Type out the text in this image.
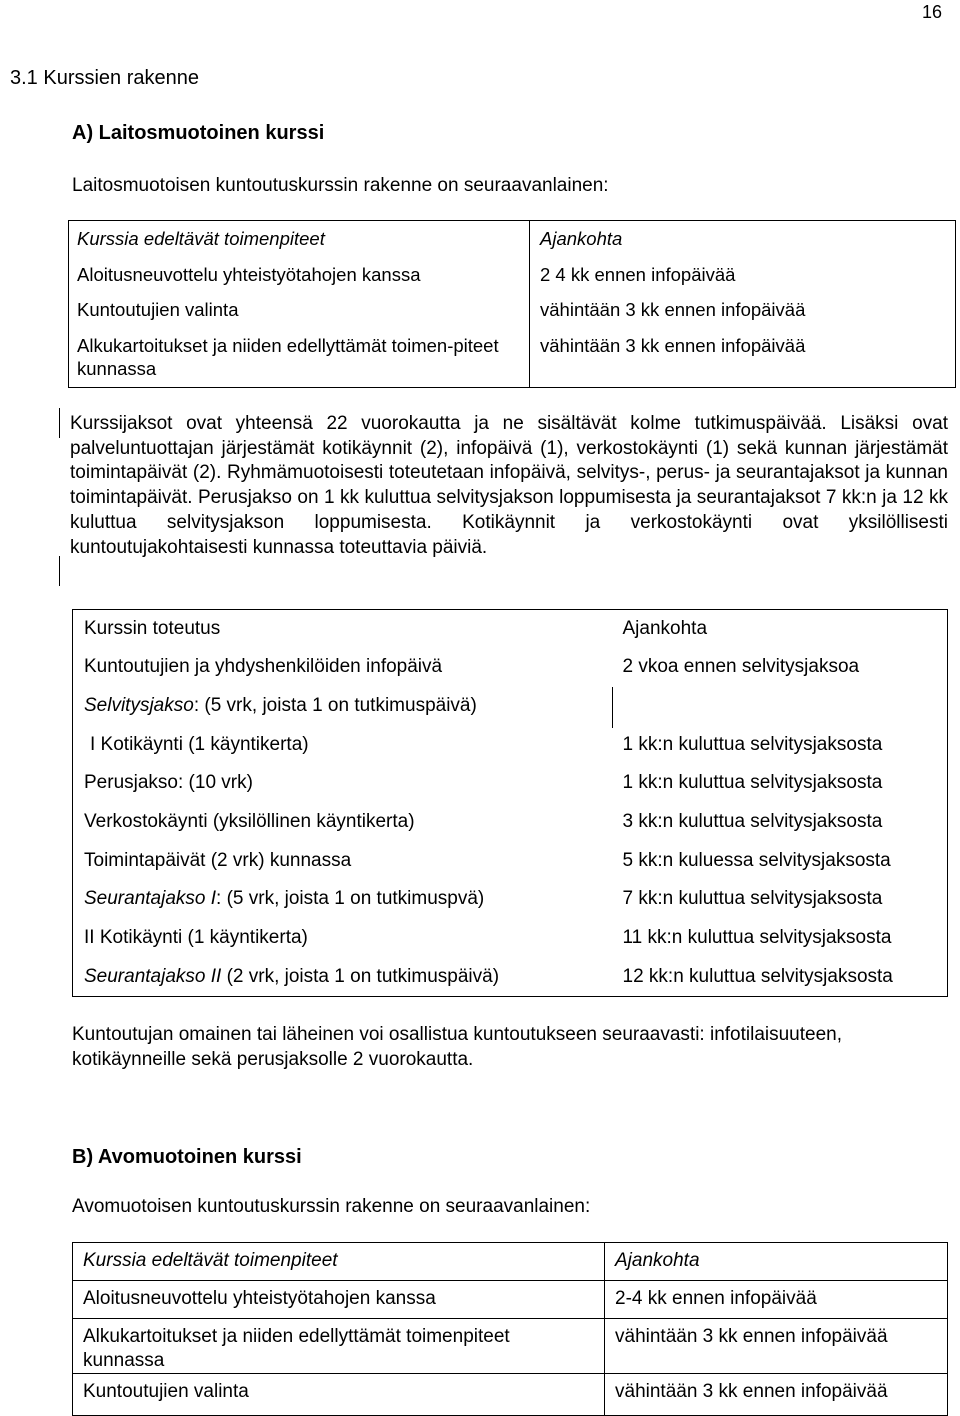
16
3.1 Kurssien rakenne
A) Laitosmuotoinen kurssi
Laitosmuotoisen kuntoutuskurssin rakenne on seuraavanlainen:
Kurssia edeltävät toimenpiteet	Ajankohta
Aloitusneuvottelu yhteistyötahojen kanssa	2 4 kk ennen infopäivää
Kuntoutujien valinta	vähintään 3 kk ennen infopäivää
Alkukartoitukset ja niiden edellyttämät toimen-piteet kunnassa	vähintään 3 kk ennen infopäivää
Kurssijaksot ovat yhteensä 22 vuorokautta ja ne sisältävät kolme tutkimuspäivää. Lisäksi ovat palveluntuottajan järjestämät kotikäynnit (2), infopäivä (1), verkostokäynti (1) sekä kunnan järjestämät toimintapäivät (2). Ryhmämuotoisesti toteutetaan infopäivä, selvitys-, perus- ja seurantajaksot ja kunnan toimintapäivät. Perusjakso on 1 kk kuluttua selvitysjakson loppumisesta ja seurantajaksot 7 kk:n ja 12 kk kuluttua selvitysjakson loppumisesta. Kotikäynnit ja verkostokäynti ovat yksilöllisesti kuntoutujakohtaisesti kunnassa toteuttavia päiviä.
Kurssin toteutus	Ajankohta
Kuntoutujien ja yhdyshenkilöiden infopäivä	2 vkoa ennen selvitysjaksoa
Selvitysjakso: (5 vrk, joista 1 on tutkimuspäivä)	
I Kotikäynti (1 käyntikerta)	1 kk:n kuluttua selvitysjaksosta
Perusjakso: (10 vrk)	1 kk:n kuluttua selvitysjaksosta
Verkostokäynti (yksilöllinen käyntikerta)	3 kk:n kuluttua selvitysjaksosta
Toimintapäivät (2 vrk) kunnassa	5 kk:n kuluessa selvitysjaksosta
Seurantajakso I: (5 vrk, joista 1 on tutkimuspvä)	7 kk:n kuluttua selvitysjaksosta
II Kotikäynti (1 käyntikerta)	11 kk:n kuluttua selvitysjaksosta
Seurantajakso II (2 vrk, joista 1 on tutkimuspäivä)	12 kk:n kuluttua selvitysjaksosta
Kuntoutujan omainen tai läheinen voi osallistua kuntoutukseen seuraavasti: infotilaisuuteen, kotikäynneille sekä perusjaksolle 2 vuorokautta.
B) Avomuotoinen kurssi
Avomuotoisen kuntoutuskurssin rakenne on seuraavanlainen:
Kurssia edeltävät toimenpiteet	Ajankohta
Aloitusneuvottelu yhteistyötahojen kanssa	2-4 kk ennen infopäivää
Alkukartoitukset ja niiden edellyttämät toimenpiteet kunnassa	vähintään 3 kk ennen infopäivää
Kuntoutujien valinta	vähintään 3 kk ennen infopäivää
